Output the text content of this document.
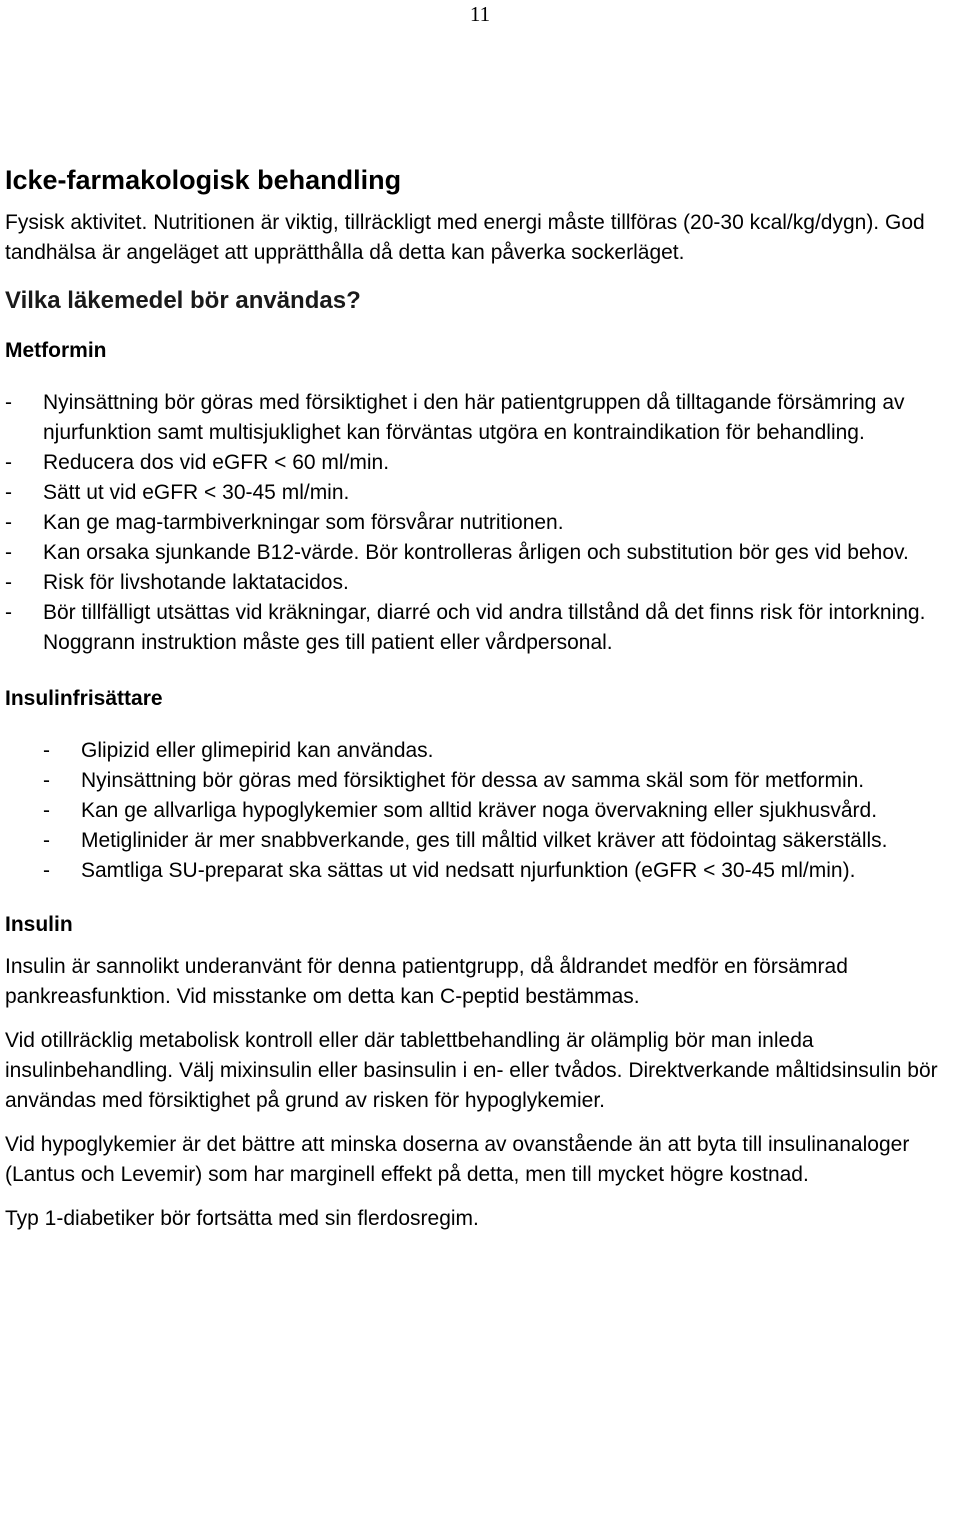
11
Icke-farmakologisk behandling

Fysisk aktivitet. Nutritionen är viktig, tillräckligt med energi måste tillföras (20-30 kcal/kg/dygn). God tandhälsa är angeläget att upprätthålla då detta kan påverka sockerläget.

Vilka läkemedel bör användas?
Metformin
- Nyinsättning bör göras med försiktighet i den här patientgruppen då tilltagande försämring av njurfunktion samt multisjuklighet kan förväntas utgöra en kontraindikation för behandling.
- Reducera dos vid eGFR < 60 ml/min.
- Sätt ut vid eGFR < 30-45 ml/min.
- Kan ge mag-tarmbiverkningar som försvårar nutritionen.
- Kan orsaka sjunkande B12-värde. Bör kontrolleras årligen och substitution bör ges vid behov.
- Risk för livshotande laktatacidos.
- Bör tillfälligt utsättas vid kräkningar, diarré och vid andra tillstånd då det finns risk för intorkning. Noggrann instruktion måste ges till patient eller vårdpersonal.
Insulinfrisättare
- Glipizid eller glimepirid kan användas.
- Nyinsättning bör göras med försiktighet för dessa av samma skäl som för metformin.
- Kan ge allvarliga hypoglykemier som alltid kräver noga övervakning eller sjukhusvård.
- Metiglinider är mer snabbverkande, ges till måltid vilket kräver att födointag säkerställs.
- Samtliga SU-preparat ska sättas ut vid nedsatt njurfunktion (eGFR < 30-45 ml/min).
Insulin

Insulin är sannolikt underanvänt för denna patientgrupp, då åldrandet medför en försämrad pankreasfunktion. Vid misstanke om detta kan C-peptid bestämmas.

Vid otillräcklig metabolisk kontroll eller där tablettbehandling är olämplig bör man inleda insulinbehandling. Välj mixinsulin eller basinsulin i en- eller tvådos. Direktverkande måltidsinsulin bör användas med försiktighet på grund av risken för hypoglykemier.

Vid hypoglykemier är det bättre att minska doserna av ovanstående än att byta till insulinanaloger (Lantus och Levemir) som har marginell effekt på detta, men till mycket högre kostnad.

Typ 1-diabetiker bör fortsätta med sin flerdosregim.
